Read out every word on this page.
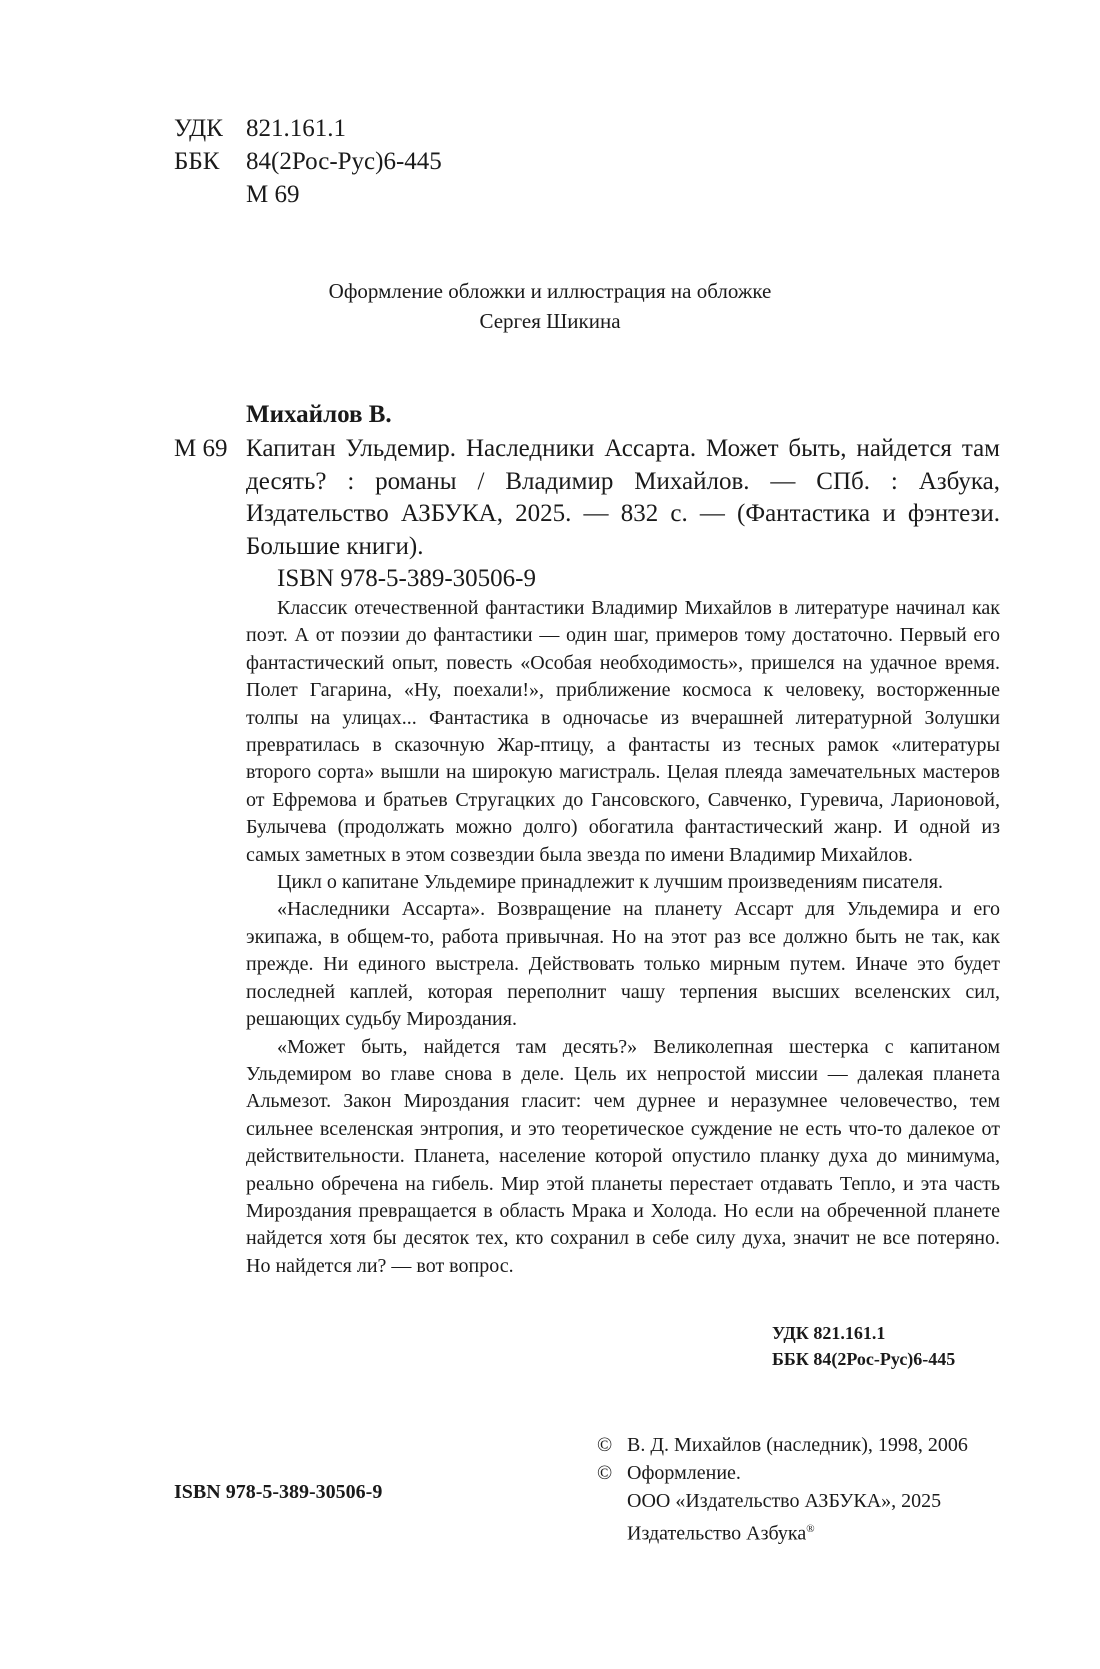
УДК 821.161.1
ББК	84(2Рос-Рус)6-445
М 69
Оформление обложки и иллюстрация на обложке
Сергея Шикина
Михайлов В.
М 69 Капитан Ульдемир. Наследники Ассарта. Может быть, найдется там десять? : романы / Владимир Михайлов. — СПб. : Азбука, Издательство АЗБУКА, 2025. — 832 с. — (Фантастика и фэнтези. Большие книги).
ISBN 978-5-389-30506-9

Классик отечественной фантастики Владимир Михайлов в литературе начинал как поэт. А от поэзии до фантастики — один шаг, примеров тому достаточно. Первый его фантастический опыт, повесть «Особая необходимость», пришелся на удачное время. Полет Гагарина, «Ну, поехали!», приближение космоса к человеку, восторженные толпы на улицах... Фантастика в одночасье из вчерашней литературной Золушки превратилась в сказочную Жар-птицу, а фантасты из тесных рамок «литературы второго сорта» вышли на широкую магистраль. Целая плеяда замечательных мастеров от Ефремова и братьев Стругацких до Гансовского, Савченко, Гуревича, Ларионовой, Булычева (продолжать можно долго) обогатила фантастический жанр. И одной из самых заметных в этом созвездии была звезда по имени Владимир Михайлов.

Цикл о капитане Ульдемире принадлежит к лучшим произведениям писателя.

«Наследники Ассарта». Возвращение на планету Ассарт для Ульдемира и его экипажа, в общем-то, работа привычная. Но на этот раз все должно быть не так, как прежде. Ни единого выстрела. Действовать только мирным путем. Иначе это будет последней каплей, которая переполнит чашу терпения высших вселенских сил, решающих судьбу Мироздания.

«Может быть, найдется там десять?» Великолепная шестерка с капитаном Ульдемиром во главе снова в деле. Цель их непростой миссии — далекая планета Альмезот. Закон Мироздания гласит: чем дурнее и неразумнее человечество, тем сильнее вселенская энтропия, и это теоретическое суждение не есть что-то далекое от действительности. Планета, население которой опустило планку духа до минимума, реально обречена на гибель. Мир этой планеты перестает отдавать Тепло, и эта часть Мироздания превращается в область Мрака и Холода. Но если на обреченной планете найдется хотя бы десяток тех, кто сохранил в себе силу духа, значит не все потеряно. Но найдется ли? — вот вопрос.

УДК 821.161.1
ББК 84(2Рос-Рус)6-445
ISBN 978-5-389-30506-9
© В. Д. Михайлов (наследник), 1998, 2006
© Оформление.
ООО «Издательство АЗБУКА», 2025
Издательство Азбука®
